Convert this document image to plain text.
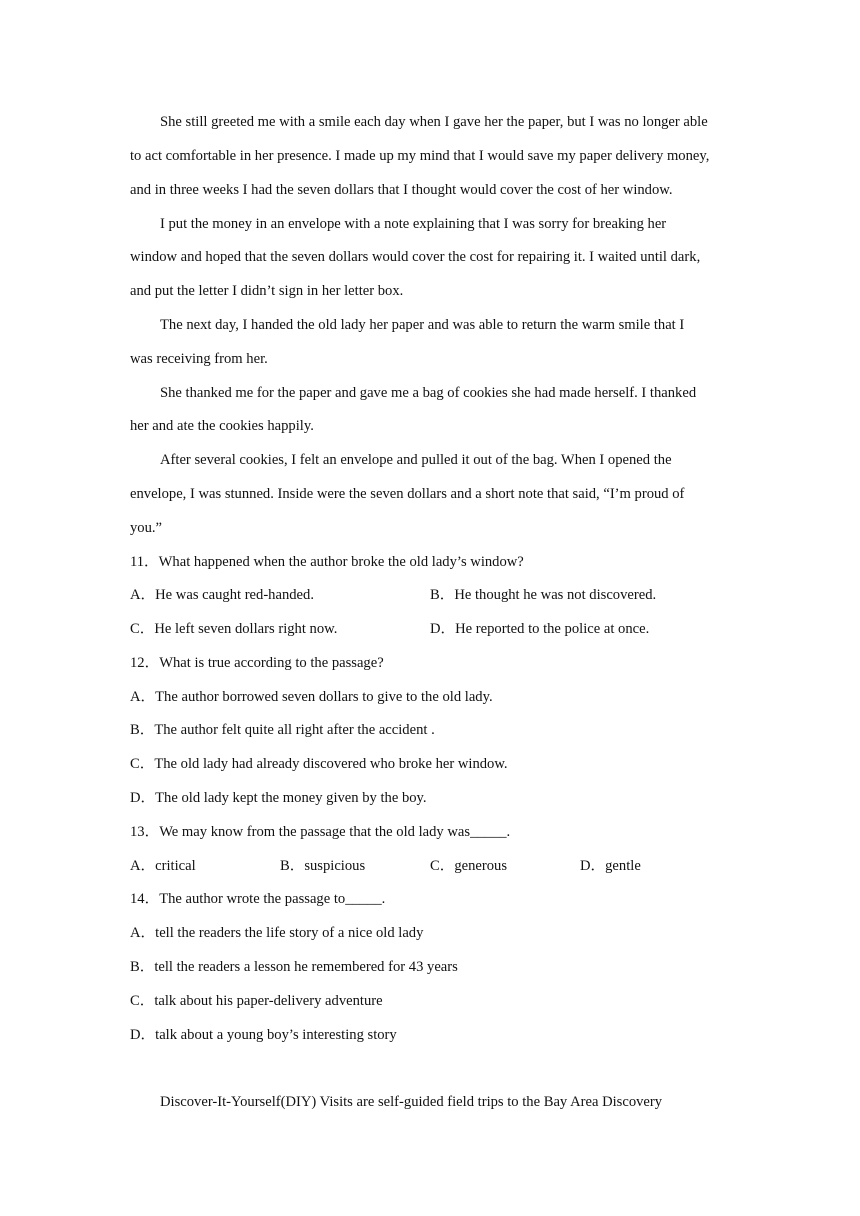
She still greeted me with a smile each day when I gave her the paper, but I was no longer able
to act comfortable in her presence. I made up my mind that I would save my paper delivery money,
and in three weeks I had the seven dollars that I thought would cover the cost of her window.
I put the money in an envelope with a note explaining that I was sorry for breaking her
window and hoped that the seven dollars would cover the cost for repairing it. I waited until dark,
and put the letter I didn’t sign in her letter box.
The next day, I handed the old lady her paper and was able to return the warm smile that I
was receiving from her.
She thanked me for the paper and gave me a bag of cookies she had made herself. I thanked
her and ate the cookies happily.
After several cookies, I felt an envelope and pulled it out of the bag. When I opened the
envelope, I was stunned. Inside were the seven dollars and a short note that said, “I’m proud of
you.”
11．What happened when the author broke the old lady’s window?
A．He was caught red-handed.	B．He thought he was not discovered.
C．He left seven dollars right now.	D．He reported to the police at once.
12．What is true according to the passage?
A．The author borrowed seven dollars to give to the old lady.
B．The author felt quite all right after the accident .
C．The old lady had already discovered who broke her window.
D．The old lady kept the money given by the boy.
13．We may know from the passage that the old lady was_____.
A．critical	B．suspicious	C．generous	D．gentle
14．The author wrote the passage to_____.
A．tell the readers the life story of a nice old lady
B．tell the readers a lesson he remembered for 43 years
C．talk about his paper-delivery adventure
D．talk about a young boy’s interesting story
Discover-It-Yourself(DIY) Visits are self-guided field trips to the Bay Area Discovery
